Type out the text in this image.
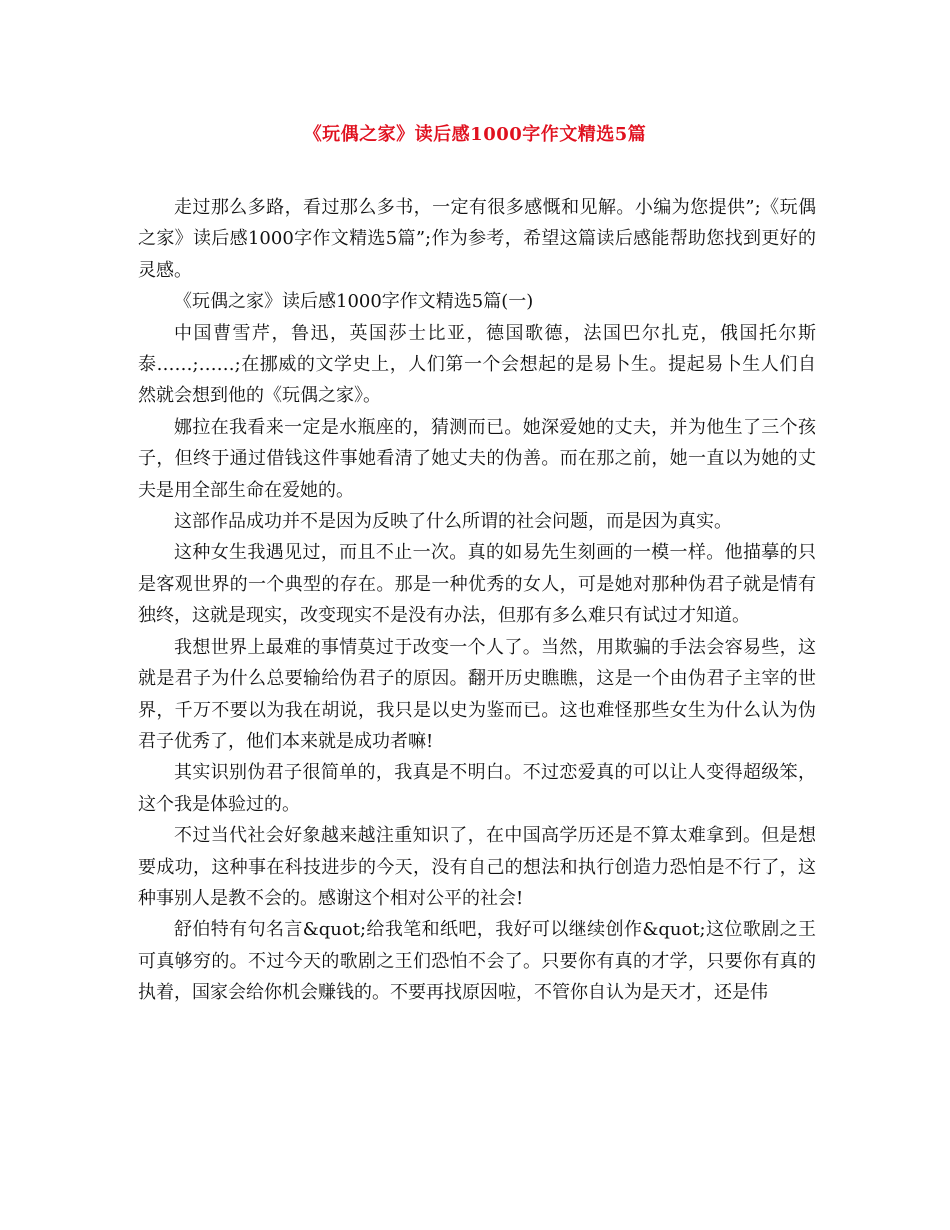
《玩偶之家》读后感1000字作文精选5篇

走过那么多路，看过那么多书，一定有很多感慨和见解。小编为您提供”;《玩偶之家》读后感1000字作文精选5篇”;作为参考，希望这篇读后感能帮助您找到更好的灵感。

《玩偶之家》读后感1000字作文精选5篇(一)

中国曹雪芹，鲁迅，英国莎士比亚，德国歌德，法国巴尔扎克，俄国托尔斯泰……;……;在挪威的文学史上，人们第一个会想起的是易卜生。提起易卜生人们自然就会想到他的《玩偶之家》。

娜拉在我看来一定是水瓶座的，猜测而已。她深爱她的丈夫，并为他生了三个孩子，但终于通过借钱这件事她看清了她丈夫的伪善。而在那之前，她一直以为她的丈夫是用全部生命在爱她的。

这部作品成功并不是因为反映了什么所谓的社会问题，而是因为真实。

这种女生我遇见过，而且不止一次。真的如易先生刻画的一模一样。他描摹的只是客观世界的一个典型的存在。那是一种优秀的女人，可是她对那种伪君子就是情有独终，这就是现实，改变现实不是没有办法，但那有多么难只有试过才知道。

我想世界上最难的事情莫过于改变一个人了。当然，用欺骗的手法会容易些，这就是君子为什么总要输给伪君子的原因。翻开历史瞧瞧，这是一个由伪君子主宰的世界，千万不要以为我在胡说，我只是以史为鉴而已。这也难怪那些女生为什么认为伪君子优秀了，他们本来就是成功者嘛!

其实识别伪君子很简单的，我真是不明白。不过恋爱真的可以让人变得超级笨，这个我是体验过的。

不过当代社会好象越来越注重知识了，在中国高学历还是不算太难拿到。但是想要成功，这种事在科技进步的今天，没有自己的想法和执行创造力恐怕是不行了，这种事别人是教不会的。感谢这个相对公平的社会!

舒伯特有句名言&quot;给我笔和纸吧，我好可以继续创作&quot;这位歌剧之王可真够穷的。不过今天的歌剧之王们恐怕不会了。只要你有真的才学，只要你有真的执着，国家会给你机会赚钱的。不要再找原因啦，不管你自认为是天才，还是伟
